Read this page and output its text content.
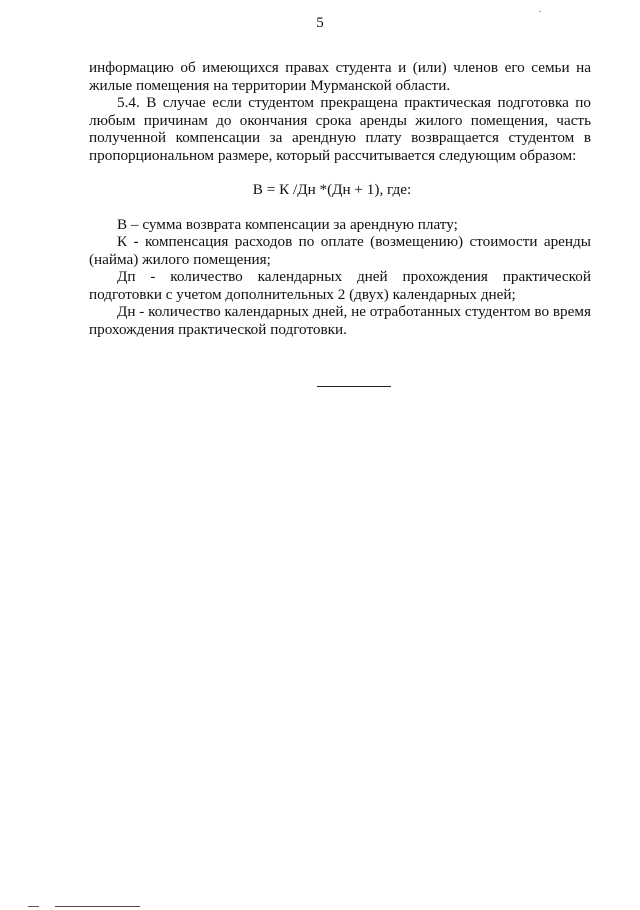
5

информацию об имеющихся правах студента и (или) членов его семьи на жилые помещения на территории Мурманской области.

5.4. В случае если студентом прекращена практическая подготовка по любым причинам до окончания срока аренды жилого помещения, часть полученной компенсации за арендную плату возвращается студентом в пропорциональном размере, который рассчитывается следующим образом:

В = К /Дн *(Дн + 1), где:

В – сумма возврата компенсации за арендную плату;

К - компенсация расходов по оплате (возмещению) стоимости аренды (найма) жилого помещения;

Дп - количество календарных дней прохождения практической подготовки с учетом дополнительных 2 (двух) календарных дней;

Дн - количество календарных дней, не отработанных студентом во время прохождения практической подготовки.
